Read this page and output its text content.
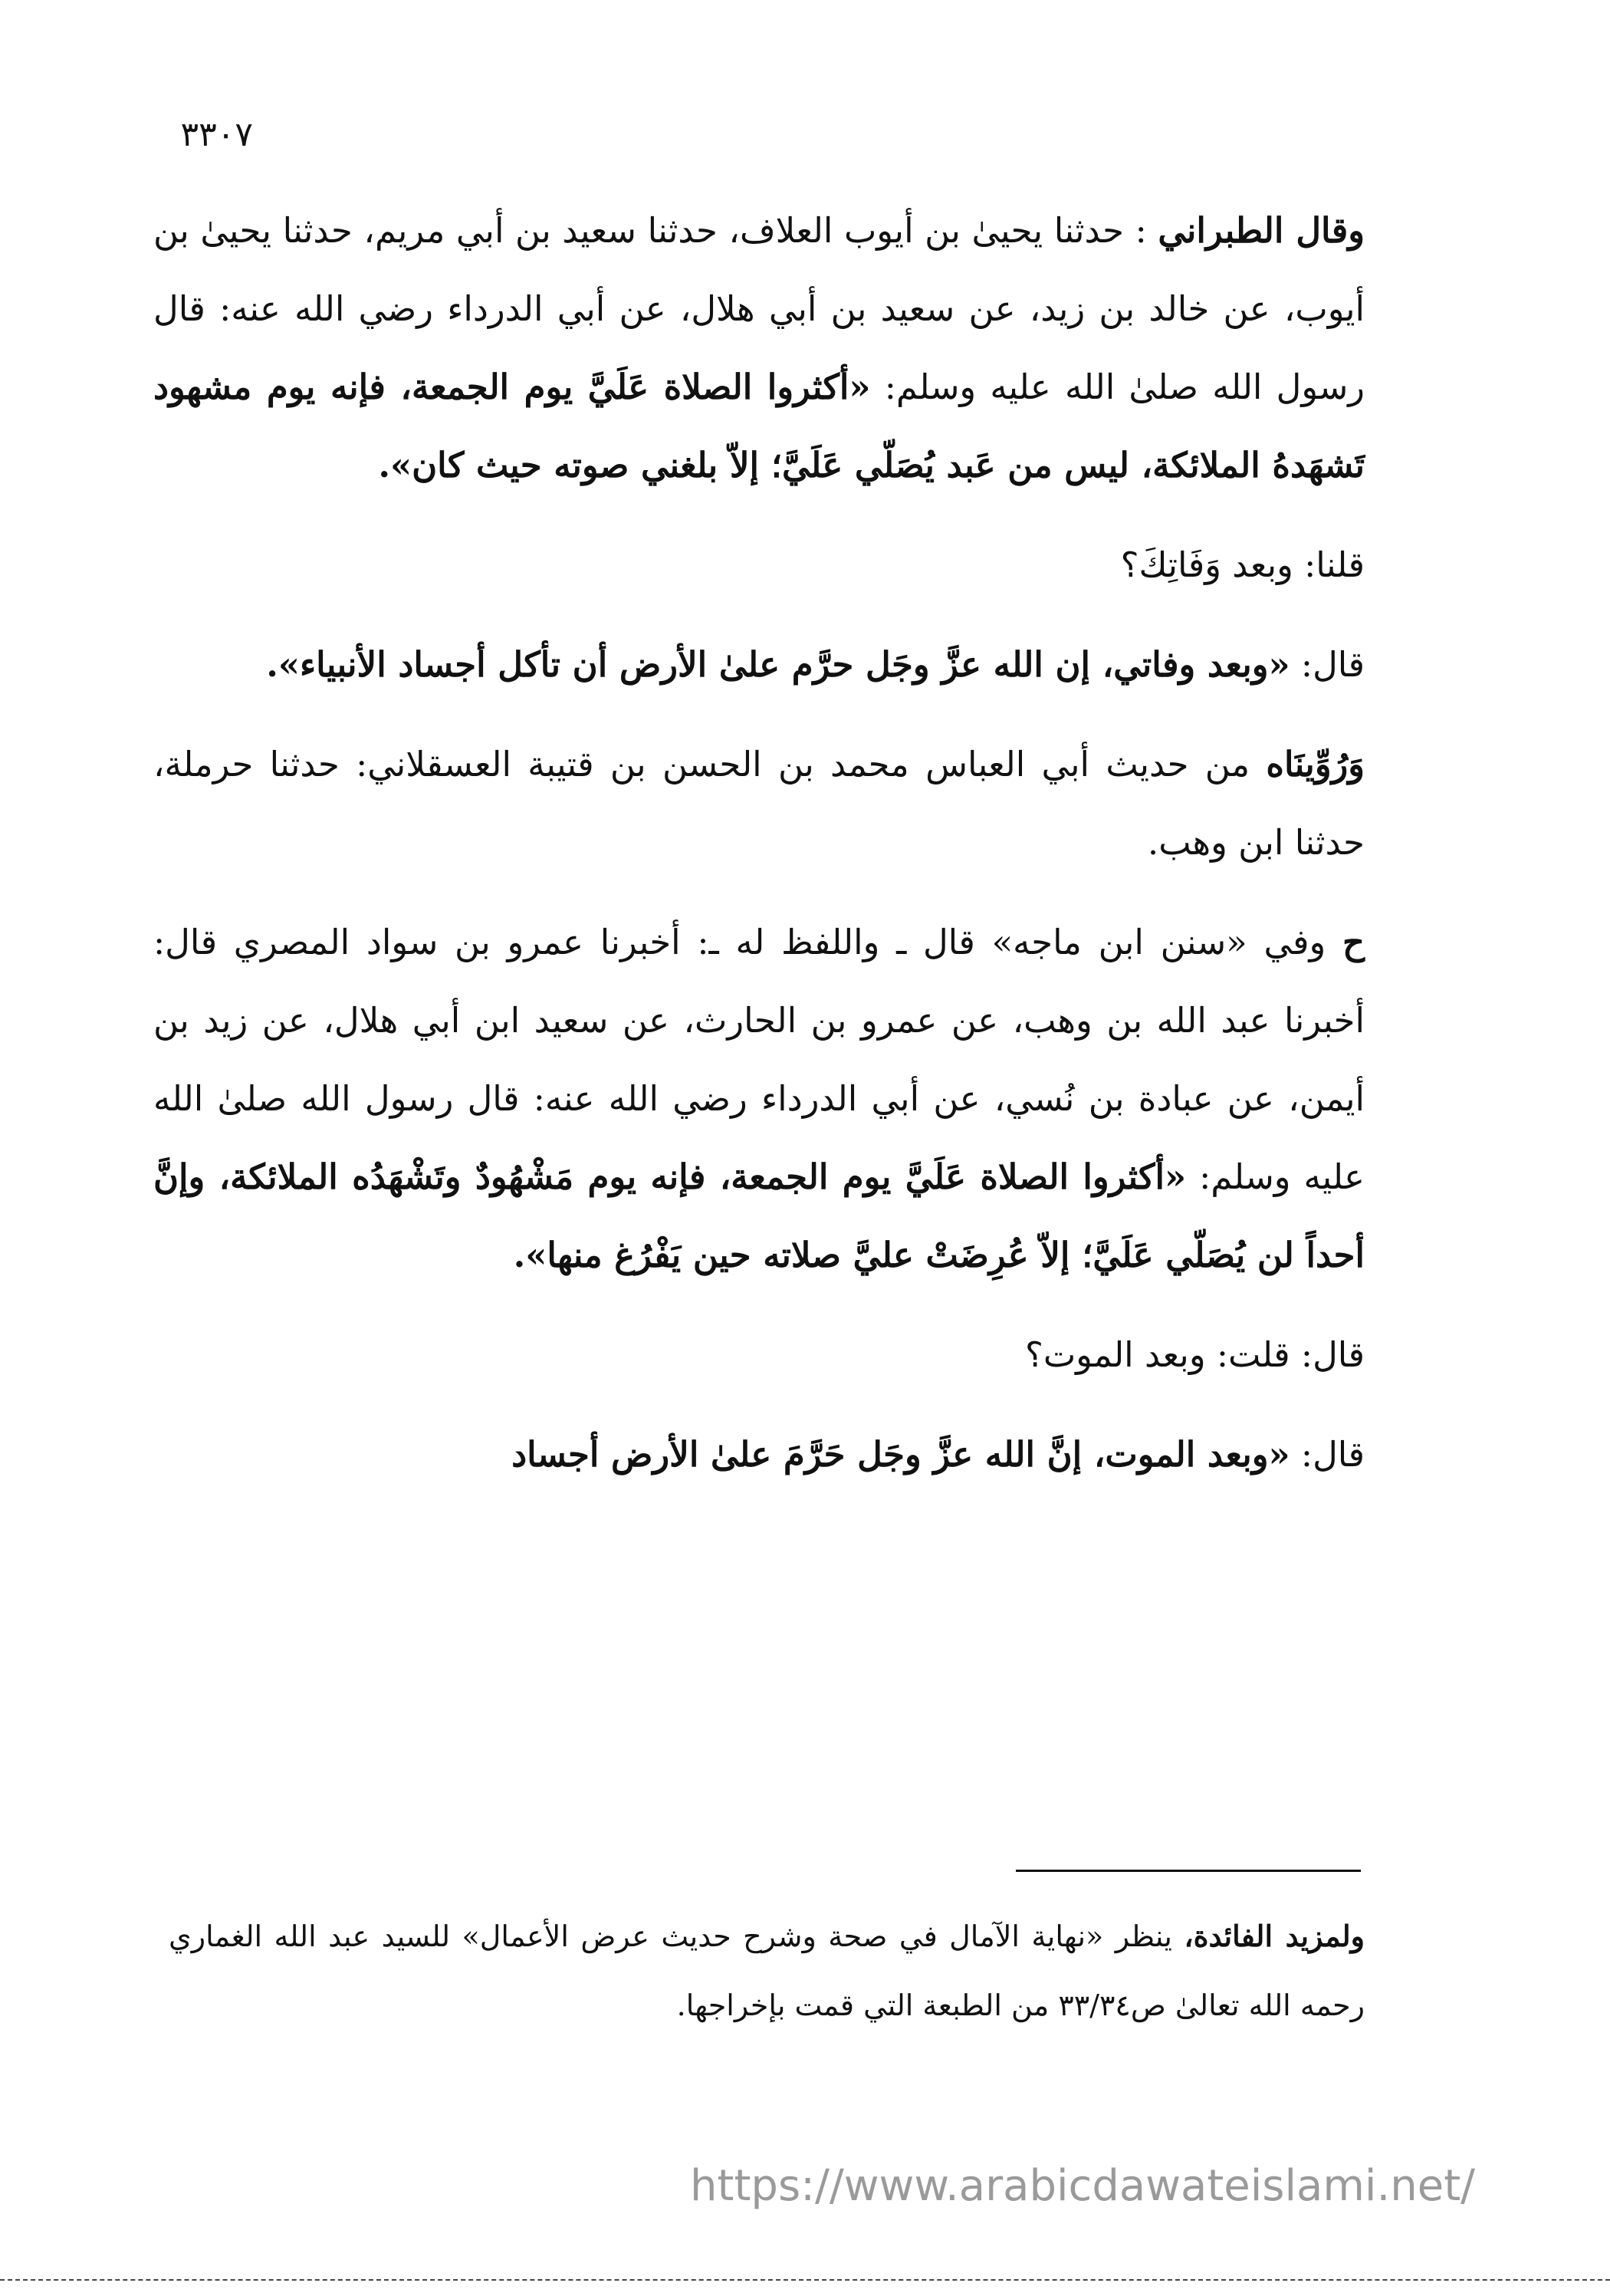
٣٣٠٧

وقال الطبراني : حدثنا يحيىٰ بن أيوب العلاف، حدثنا سعيد بن أبي مريم، حدثنا يحيىٰ بن أيوب، عن خالد بن زيد، عن سعيد بن أبي هلال، عن أبي الدرداء رضي الله عنه: قال رسول الله صلىٰ الله عليه وسلم: «أكثروا الصلاة عَلَيَّ يوم الجمعة، فإنه يوم مشهود تَشهَدهُ الملائكة، ليس من عَبد يُصَلّي عَلَيَّ؛ إلاّ بلغني صوته حيث كان».

قلنا: وبعد وَفَاتِكَ؟

قال: «وبعد وفاتي، إن الله عزَّ وجَل حرَّم علىٰ الأرض أن تأكل أجساد الأنبياء».

وَرُوِّينَاه من حديث أبي العباس محمد بن الحسن بن قتيبة العسقلاني: حدثنا حرملة، حدثنا ابن وهب.

ح وفي «سنن ابن ماجه» قال ـ واللفظ له ـ: أخبرنا عمرو بن سواد المصري قال: أخبرنا عبد الله بن وهب، عن عمرو بن الحارث، عن سعيد ابن أبي هلال، عن زيد بن أيمن، عن عبادة بن نُسي، عن أبي الدرداء رضي الله عنه: قال رسول الله صلىٰ الله عليه وسلم: «أكثروا الصلاة عَلَيَّ يوم الجمعة، فإنه يوم مَشْهُودٌ وتَشْهَدُه الملائكة، وإنَّ أحداً لن يُصَلّي عَلَيَّ؛ إلاّ عُرِضَتْ عليَّ صلاته حين يَفْرُغ منها».

قال: قلت: وبعد الموت؟

قال: «وبعد الموت، إنَّ الله عزَّ وجَل حَرَّمَ علىٰ الأرض أجساد

ولمزيد الفائدة، ينظر «نهاية الآمال في صحة وشرح حديث عرض الأعمال» للسيد عبد الله الغماري رحمه الله تعالىٰ ص٣٣/٣٤ من الطبعة التي قمت بإخراجها.
https://www.arabicdawateislami.net/
